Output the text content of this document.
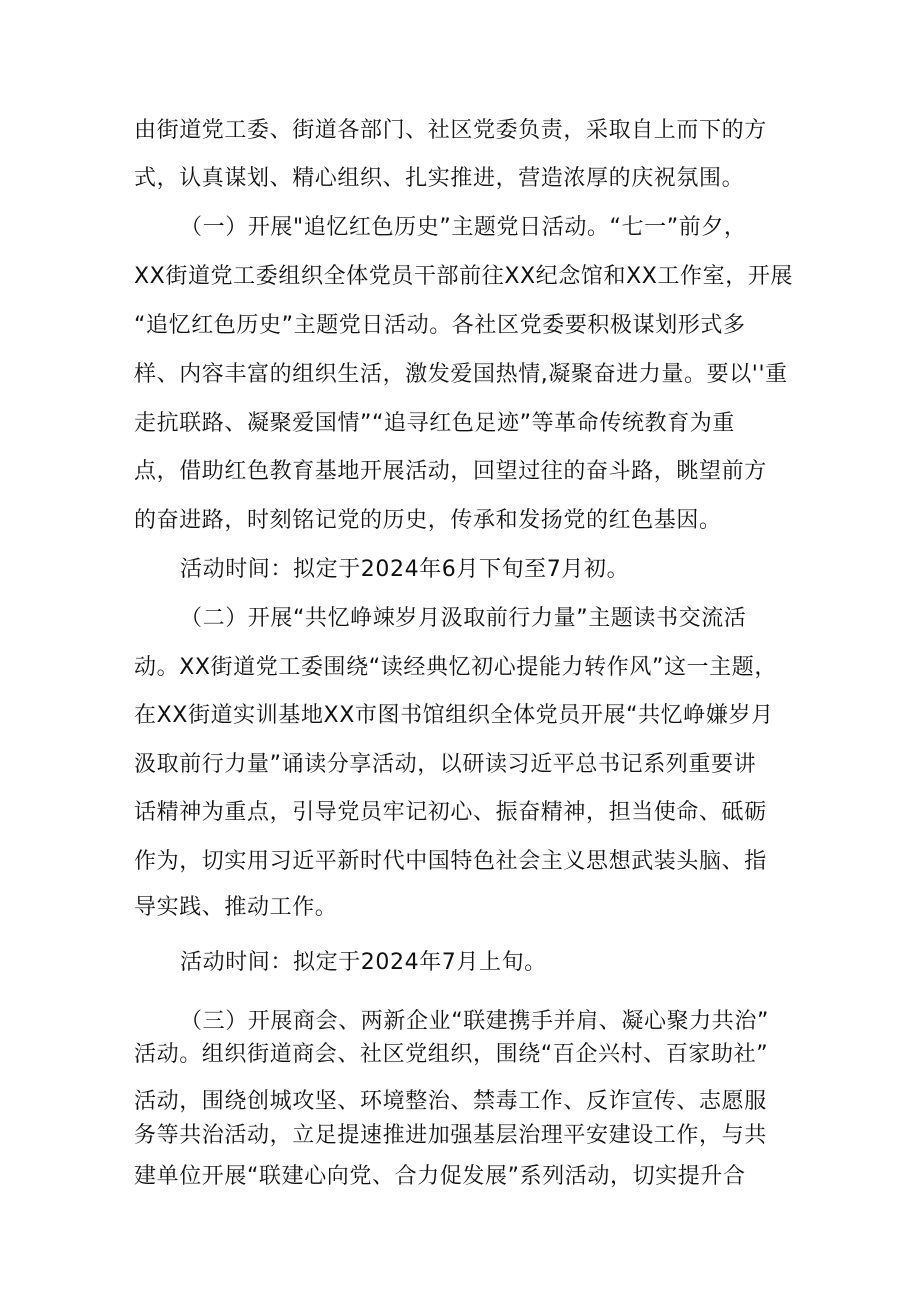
由街道党工委、街道各部门、社区党委负责，采取自上而下的方
式，认真谋划、精心组织、扎实推进，营造浓厚的庆祝氛围。
（一）开展"追忆红色历史”主题党日活动。“七一”前夕，
XX街道党工委组织全体党员干部前往XX纪念馆和XX工作室，开展
“追忆红色历史”主题党日活动。各社区党委要积极谋划形式多
样、内容丰富的组织生活，激发爱国热情,凝聚奋进力量。要以''重
走抗联路、凝聚爱国情”“追寻红色足迹”等革命传统教育为重
点，借助红色教育基地开展活动，回望过往的奋斗路，眺望前方
的奋进路，时刻铭记党的历史，传承和发扬党的红色基因。
活动时间：拟定于2024年6月下旬至7月初。
（二）开展“共忆峥竦岁月汲取前行力量”主题读书交流活
动。XX街道党工委围绕“读经典忆初心提能力转作风”这一主题，
在XX街道实训基地XX市图书馆组织全体党员开展“共忆峥嫌岁月
汲取前行力量”诵读分享活动，以研读习近平总书记系列重要讲
话精神为重点，引导党员牢记初心、振奋精神，担当使命、砥砺
作为，切实用习近平新时代中国特色社会主义思想武装头脑、指
导实践、推动工作。
活动时间：拟定于2024年7月上旬。
（三）开展商会、两新企业“联建携手并肩、凝心聚力共治”
活动。组织街道商会、社区党组织，围绕“百企兴村、百家助社”
活动，围绕创城攻坚、环境整治、禁毒工作、反诈宣传、志愿服
务等共治活动，立足提速推进加强基层治理平安建设工作，与共
建单位开展“联建心向党、合力促发展”系列活动，切实提升合
